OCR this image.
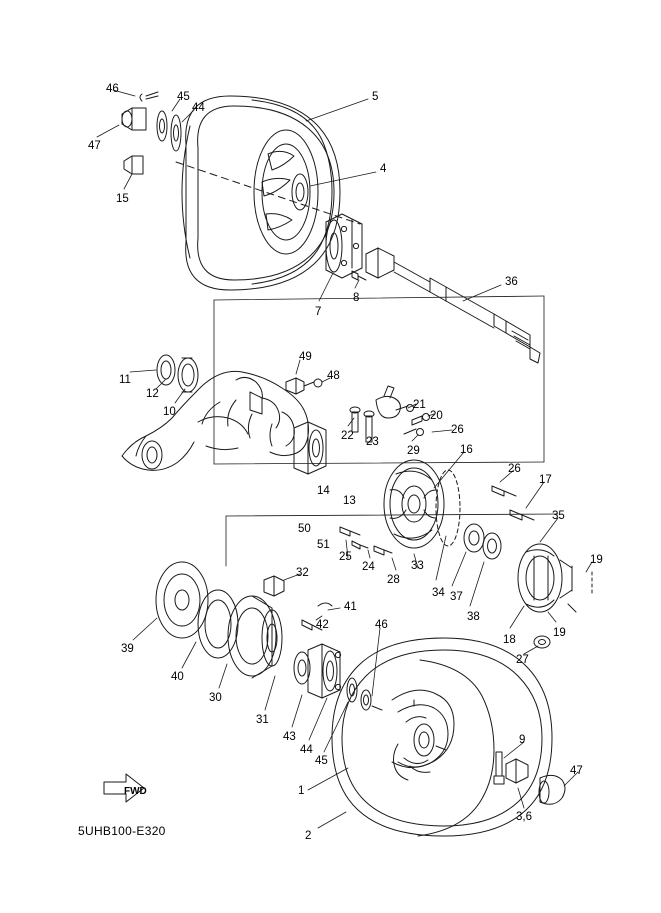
FWD
5UHB100-E320
46
45
44
5
47
4
15
8
7
36
49
48
11
12
10
21
20
22 23
26
29	16
26
17
14
13
35
50
51
25
24
28
33
34 37
38
19
19
18
27
32
41
42	46
39
40
30
31
43
44
45
1
9
47
3,6
2
